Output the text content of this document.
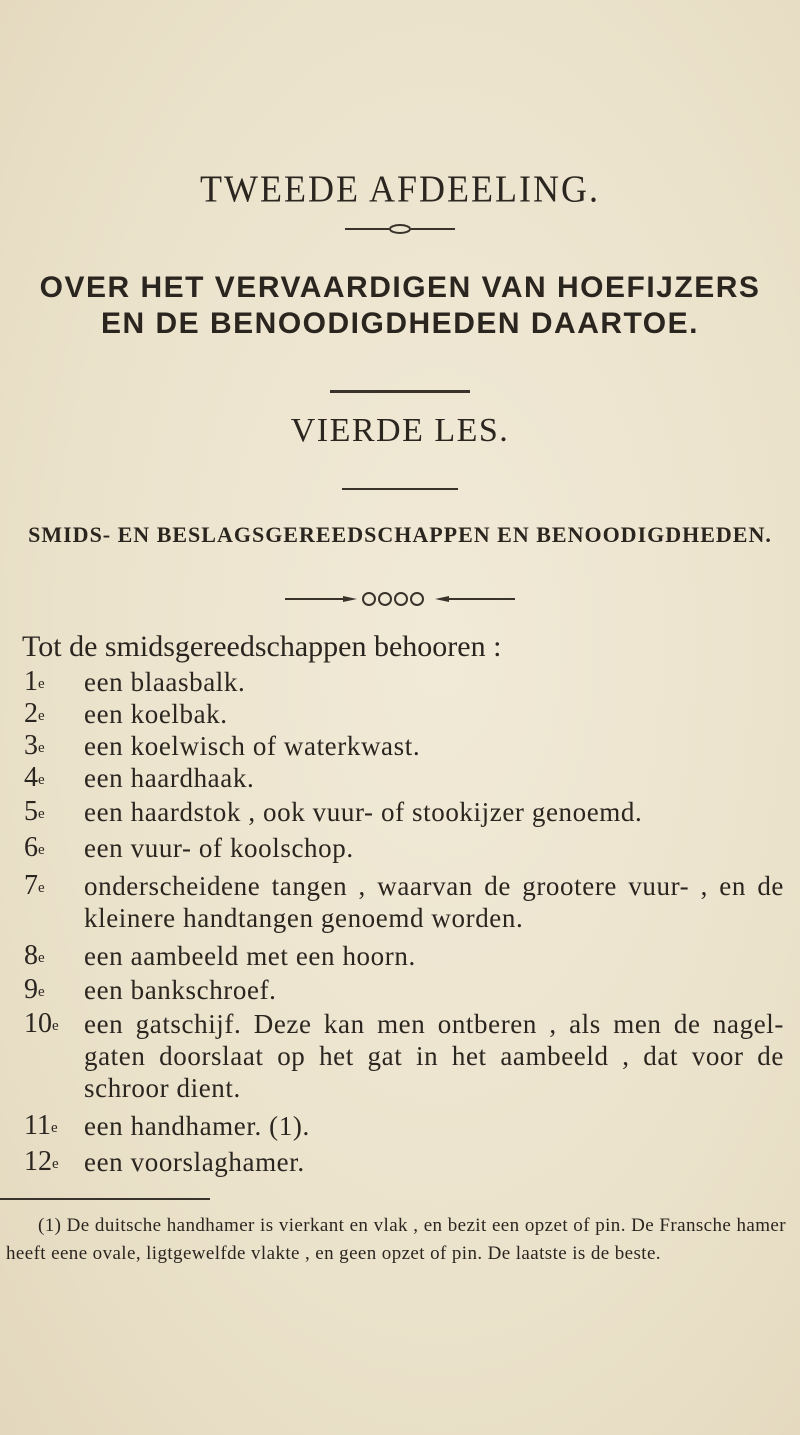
TWEEDE AFDEELING.
OVER HET VERVAARDIGEN VAN HOEFIJZERS
EN DE BENOODIGDHEDEN DAARTOE.
VIERDE LES.
SMIDS- EN BESLAGSGEREEDSCHAPPEN EN BENOODIGDHEDEN.
Tot de smidsgereedschappen behooren :
1e	een blaasbalk.
2e	een koelbak.
3e	een koelwisch of waterkwast.
4e	een haardhaak.
5e	een haardstok , ook vuur- of stookijzer genoemd.
6e	een vuur- of koolschop.
7e	onderscheidene tangen , waarvan de grootere vuur- , en de kleinere handtangen genoemd worden.
8e	een aambeeld met een hoorn.
9e	een bankschroef.
10e een gatschijf. Deze kan men ontberen , als men de nagel- gaten doorslaat op het gat in het aambeeld , dat voor de schroor dient.
11e een handhamer. (1).
12e een voorslaghamer.
(1) De duitsche handhamer is vierkant en vlak , en bezit een opzet of pin. De Fransche hamer heeft eene ovale, ligtgewelfde vlakte , en geen opzet of pin. De laatste is de beste.
